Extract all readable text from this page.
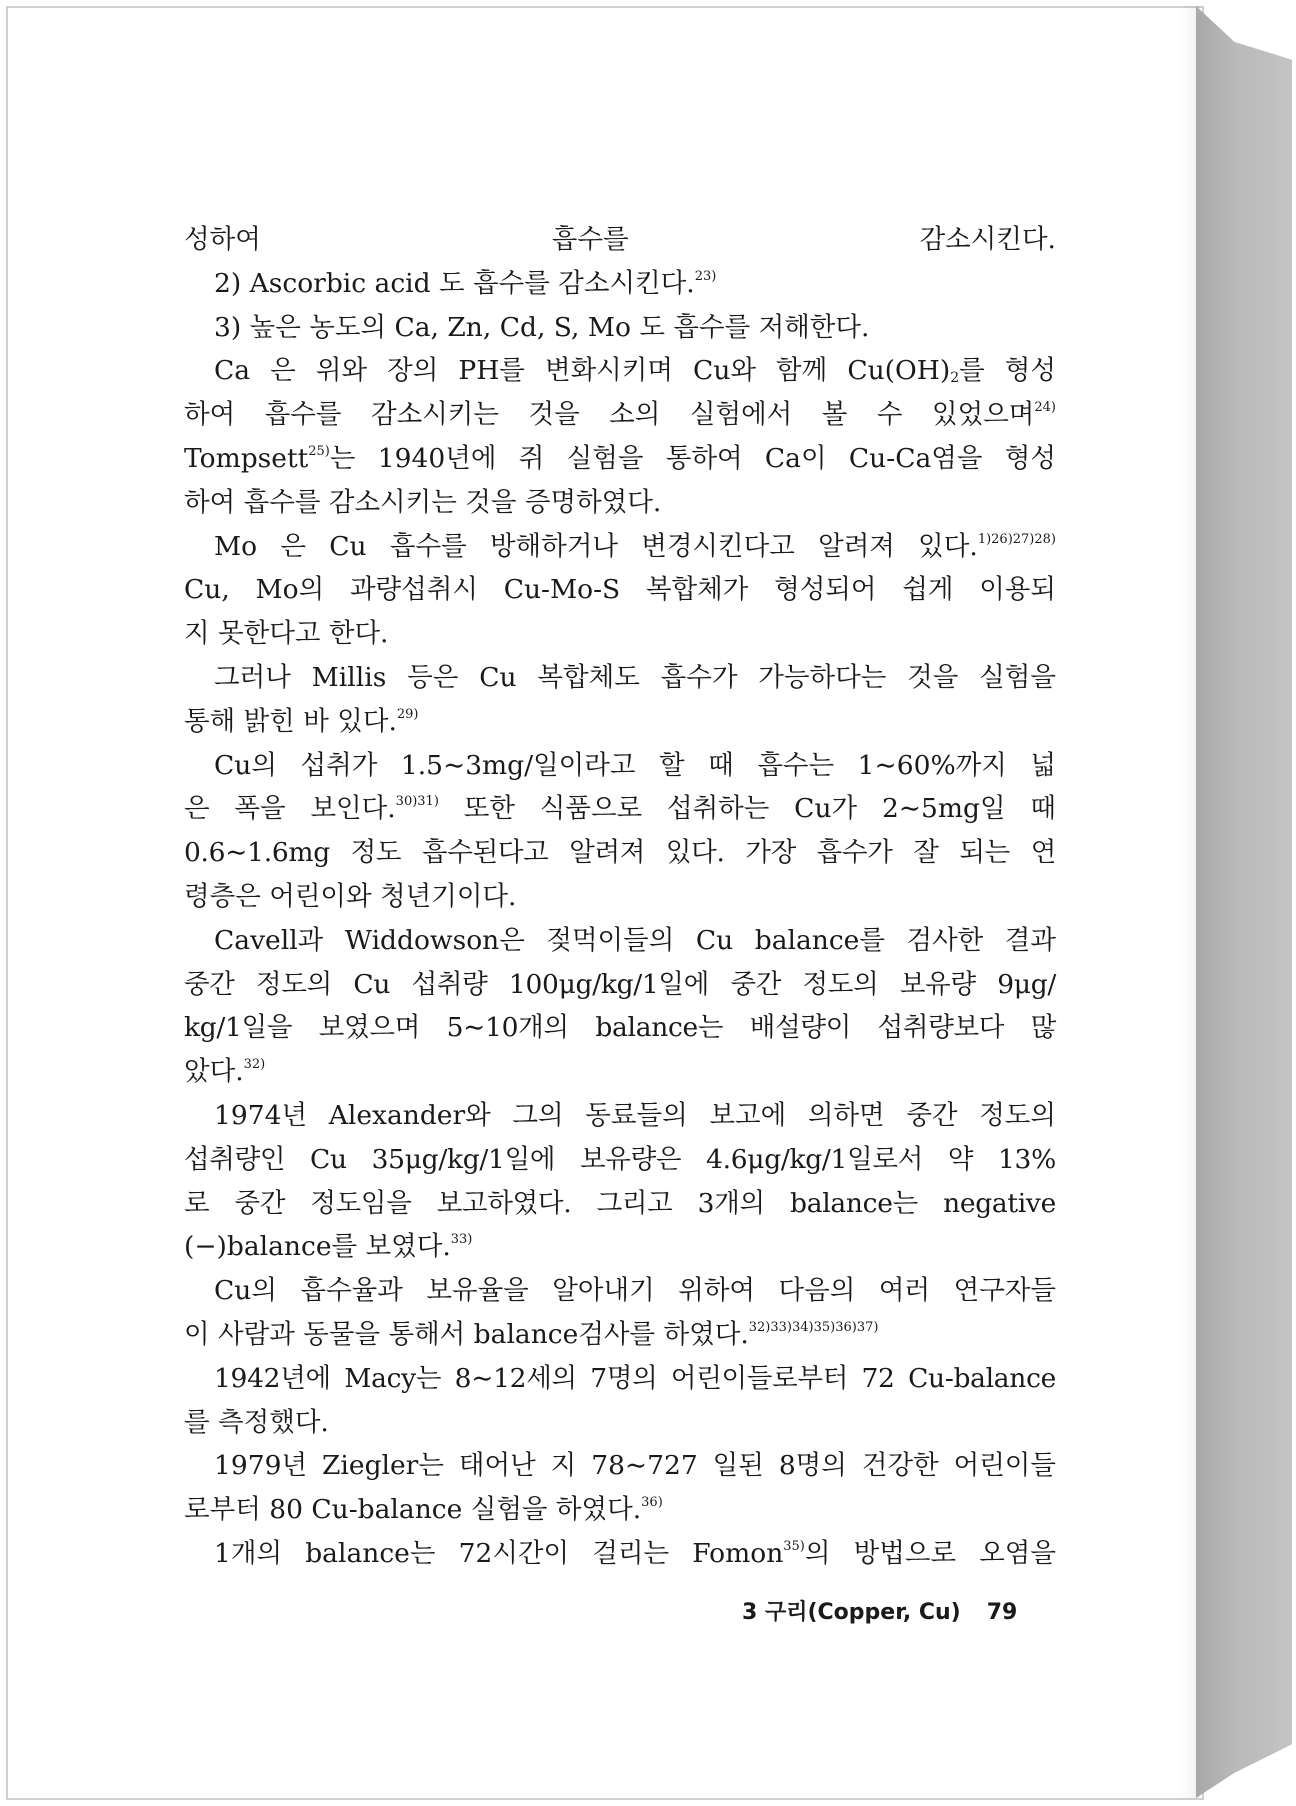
성하여 흡수를 감소시킨다.
2) Ascorbic acid 도 흡수를 감소시킨다.$^{23)}$
3) 높은 농도의 Ca, Zn, Cd, S, Mo 도 흡수를 저해한다.
Ca 은 위와 장의 PH를 변화시키며 Cu와 함께 $Cu(OH)_2$를 형성
하여 흡수를 감소시키는 것을 소의 실험에서 볼 수 있었으며$^{24)}$
Tompsett$^{25)}$는 1940년에 쥐 실험을 통하여 Ca이 Cu-Ca염을 형성
하여 흡수를 감소시키는 것을 증명하였다.
Mo 은 Cu 흡수를 방해하거나 변경시킨다고 알려져 있다.$^{1)26)27)28)}$
Cu, Mo의 과량섭취시 Cu-Mo-S 복합체가 형성되어 쉽게 이용되
지 못한다고 한다.
그러나 Millis 등은 Cu 복합체도 흡수가 가능하다는 것을 실험을
통해 밝힌 바 있다.$^{29)}$
Cu의 섭취가 1.5∼3mg/일이라고 할 때 흡수는 1∼60%까지 넓
은 폭을 보인다.$^{30)31)}$ 또한 식품으로 섭취하는 Cu가 2∼5mg일 때
0.6∼1.6mg 정도 흡수된다고 알려져 있다. 가장 흡수가 잘 되는 연
령층은 어린이와 청년기이다.
Cavell과 Widdowson은 젖먹이들의 Cu balance를 검사한 결과
중간 정도의 Cu 섭취량 100μg/kg/1일에 중간 정도의 보유량 9μg/
kg/1일을 보였으며 5∼10개의 balance는 배설량이 섭취량보다 많
았다.$^{32)}$
1974년 Alexander와 그의 동료들의 보고에 의하면 중간 정도의
섭취량인 Cu 35μg/kg/1일에 보유량은 4.6μg/kg/1일로서 약 13%
로 중간 정도임을 보고하였다. 그리고 3개의 balance는 negative
(−)balance를 보였다.$^{33)}$
Cu의 흡수율과 보유율을 알아내기 위하여 다음의 여러 연구자들
이 사람과 동물을 통해서 balance검사를 하였다.$^{32)33)34)35)36)37)}$
1942년에 Macy는 8∼12세의 7명의 어린이들로부터 72 Cu-balance
를 측정했다.
1979년 Ziegler는 태어난 지 78∼727 일된 8명의 건강한 어린이들
로부터 80 Cu-balance 실험을 하였다.$^{36)}$
1개의 balance는 72시간이 걸리는 Fomon$^{35)}$의 방법으로 오염을
3 구리(Copper, Cu) 79
